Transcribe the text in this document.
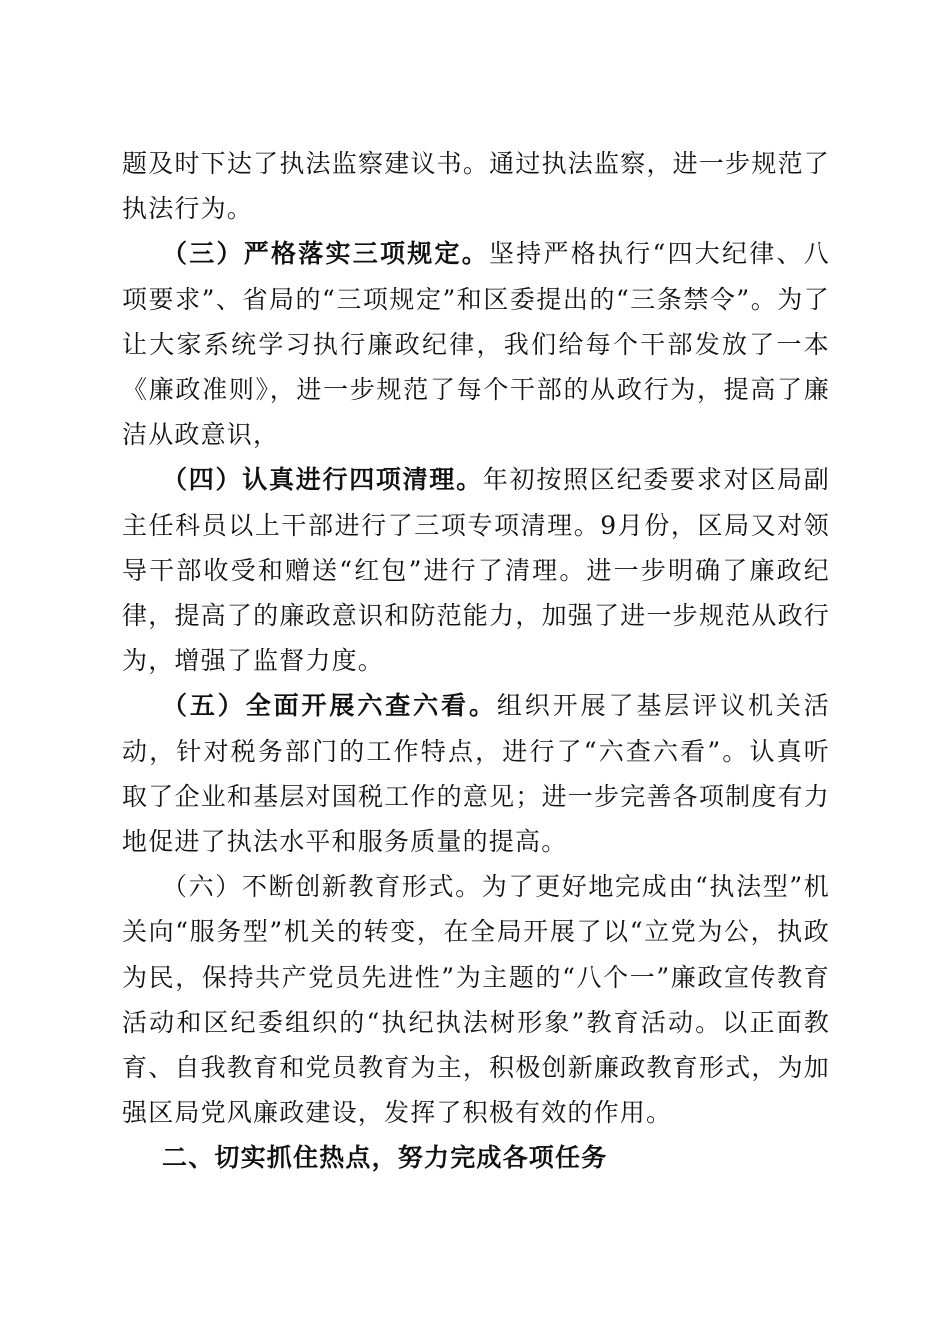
题及时下达了执法监察建议书。通过执法监察，进一步规范了执法行为。

（三）严格落实三项规定。坚持严格执行“四大纪律、八项要求”、省局的“三项规定”和区委提出的“三条禁令”。为了让大家系统学习执行廉政纪律，我们给每个干部发放了一本《廉政准则》，进一步规范了每个干部的从政行为，提高了廉洁从政意识，

（四）认真进行四项清理。年初按照区纪委要求对区局副主任科员以上干部进行了三项专项清理。9月份，区局又对领导干部收受和赠送“红包”进行了清理。进一步明确了廉政纪律，提高了的廉政意识和防范能力，加强了进一步规范从政行为，增强了监督力度。

（五）全面开展六查六看。组织开展了基层评议机关活动，针对税务部门的工作特点，进行了“六查六看”。认真听取了企业和基层对国税工作的意见；进一步完善各项制度有力地促进了执法水平和服务质量的提高。

（六）不断创新教育形式。为了更好地完成由“执法型”机关向“服务型”机关的转变，在全局开展了以“立党为公，执政为民，保持共产党员先进性”为主题的“八个一”廉政宣传教育活动和区纪委组织的“执纪执法树形象”教育活动。以正面教育、自我教育和党员教育为主，积极创新廉政教育形式，为加强区局党风廉政建设，发挥了积极有效的作用。

二、切实抓住热点，努力完成各项任务
